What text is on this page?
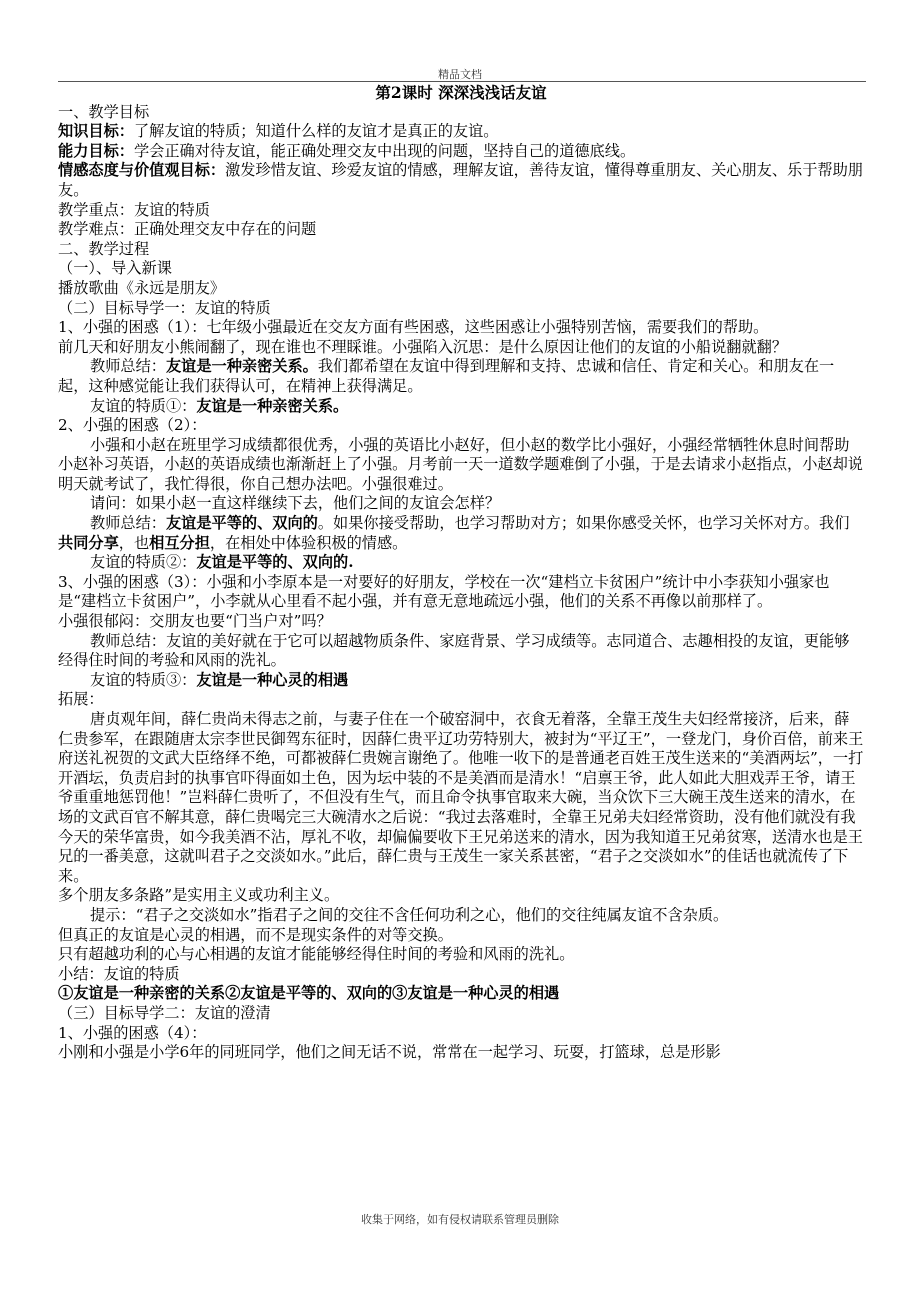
精品文档

第2课时 深深浅浅话友谊

一、教学目标

知识目标：了解友谊的特质；知道什么样的友谊才是真正的友谊。

能力目标：学会正确对待友谊，能正确处理交友中出现的问题，坚持自己的道德底线。

情感态度与价值观目标：激发珍惜友谊、珍爱友谊的情感，理解友谊，善待友谊，懂得尊重朋友、关心朋友、乐于帮助朋友。

教学重点：友谊的特质

教学难点：正确处理交友中存在的问题

二、教学过程

（一）、导入新课

播放歌曲《永远是朋友》

（二）目标导学一：友谊的特质

1、小强的困惑（1）：七年级小强最近在交友方面有些困惑，这些困惑让小强特别苦恼，需要我们的帮助。

前几天和好朋友小熊闹翻了，现在谁也不理睬谁。小强陷入沉思：是什么原因让他们的友谊的小船说翻就翻？

教师总结：友谊是一种亲密关系。我们都希望在友谊中得到理解和支持、忠诚和信任、肯定和关心。和朋友在一起，这种感觉能让我们获得认可，在精神上获得满足。

友谊的特质①：友谊是一种亲密关系。

2、小强的困惑（2）：

小强和小赵在班里学习成绩都很优秀，小强的英语比小赵好，但小赵的数学比小强好，小强经常牺牲休息时间帮助小赵补习英语，小赵的英语成绩也渐渐赶上了小强。月考前一天一道数学题难倒了小强，于是去请求小赵指点，小赵却说明天就考试了，我忙得很，你自己想办法吧。小强很难过。

请问：如果小赵一直这样继续下去，他们之间的友谊会怎样？

教师总结：友谊是平等的、双向的。如果你接受帮助，也学习帮助对方；如果你感受关怀，也学习关怀对方。我们共同分享，也相互分担，在相处中体验积极的情感。

友谊的特质②：友谊是平等的、双向的.

3、小强的困惑（3）：小强和小李原本是一对要好的好朋友，学校在一次“建档立卡贫困户”统计中小李获知小强家也是“建档立卡贫困户”，小李就从心里看不起小强，并有意无意地疏远小强，他们的关系不再像以前那样了。

小强很郁闷：交朋友也要“门当户对”吗？

教师总结：友谊的美好就在于它可以超越物质条件、家庭背景、学习成绩等。志同道合、志趣相投的友谊，更能够经得住时间的考验和风雨的洗礼。

友谊的特质③：友谊是一种心灵的相遇

拓展：

唐贞观年间，薛仁贵尚未得志之前，与妻子住在一个破窑洞中，衣食无着落，全靠王茂生夫妇经常接济，后来，薛仁贵参军，在跟随唐太宗李世民御驾东征时，因薛仁贵平辽功劳特别大，被封为“平辽王”，一登龙门，身价百倍，前来王府送礼祝贺的文武大臣络绎不绝，可都被薛仁贵婉言谢绝了。他唯一收下的是普通老百姓王茂生送来的“美酒两坛”，一打开酒坛，负责启封的执事官吓得面如土色，因为坛中装的不是美酒而是清水！“启禀王爷，此人如此大胆戏弄王爷，请王爷重重地惩罚他！”岂料薛仁贵听了，不但没有生气，而且命令执事官取来大碗，当众饮下三大碗王茂生送来的清水，在场的文武百官不解其意，薛仁贵喝完三大碗清水之后说：“我过去落难时，全靠王兄弟夫妇经常资助，没有他们就没有我今天的荣华富贵，如今我美酒不沾，厚礼不收，却偏偏要收下王兄弟送来的清水，因为我知道王兄弟贫寒，送清水也是王兄的一番美意，这就叫君子之交淡如水。”此后，薛仁贵与王茂生一家关系甚密，“君子之交淡如水”的佳话也就流传了下来。

多个朋友多条路”是实用主义或功利主义。

提示：“君子之交淡如水”指君子之间的交往不含任何功利之心，他们的交往纯属友谊不含杂质。

但真正的友谊是心灵的相遇，而不是现实条件的对等交换。

只有超越功利的心与心相遇的友谊才能能够经得住时间的考验和风雨的洗礼。

小结：友谊的特质

①友谊是一种亲密的关系②友谊是平等的、双向的③友谊是一种心灵的相遇

（三）目标导学二：友谊的澄清

1、小强的困惑（4）：

小刚和小强是小学6年的同班同学，他们之间无话不说，常常在一起学习、玩耍，打篮球，总是形影

收集于网络，如有侵权请联系管理员删除
